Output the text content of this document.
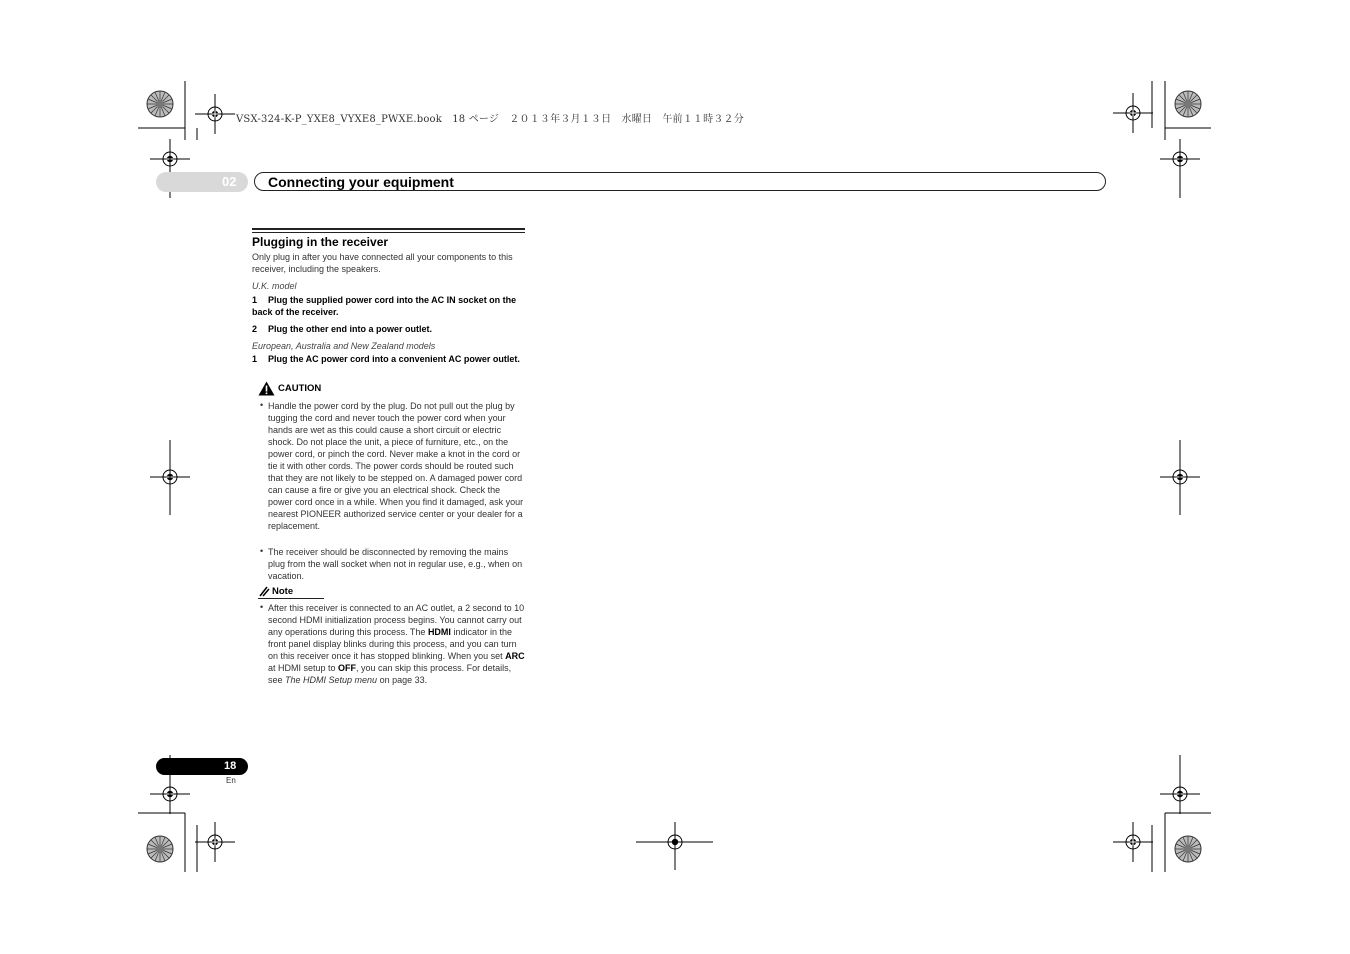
VSX-324-K-P_YXE8_VYXE8_PWXE.book　18 ページ　２０１３年３月１３日　水曜日　午前１１時３２分
02 Connecting your equipment
Plugging in the receiver
Only plug in after you have connected all your components to this receiver, including the speakers.
U.K. model
1 Plug the supplied power cord into the AC IN socket on the back of the receiver.
2 Plug the other end into a power outlet.
European, Australia and New Zealand models
1 Plug the AC power cord into a convenient AC power outlet.
CAUTION
• Handle the power cord by the plug. Do not pull out the plug by tugging the cord and never touch the power cord when your hands are wet as this could cause a short circuit or electric shock. Do not place the unit, a piece of furniture, etc., on the power cord, or pinch the cord. Never make a knot in the cord or tie it with other cords. The power cords should be routed such that they are not likely to be stepped on. A damaged power cord can cause a fire or give you an electrical shock. Check the power cord once in a while. When you find it damaged, ask your nearest PIONEER authorized service center or your dealer for a replacement.
• The receiver should be disconnected by removing the mains plug from the wall socket when not in regular use, e.g., when on vacation.
Note
• After this receiver is connected to an AC outlet, a 2 second to 10 second HDMI initialization process begins. You cannot carry out any operations during this process. The HDMI indicator in the front panel display blinks during this process, and you can turn on this receiver once it has stopped blinking. When you set ARC at HDMI setup to OFF, you can skip this process. For details, see The HDMI Setup menu on page 33.
18
En
